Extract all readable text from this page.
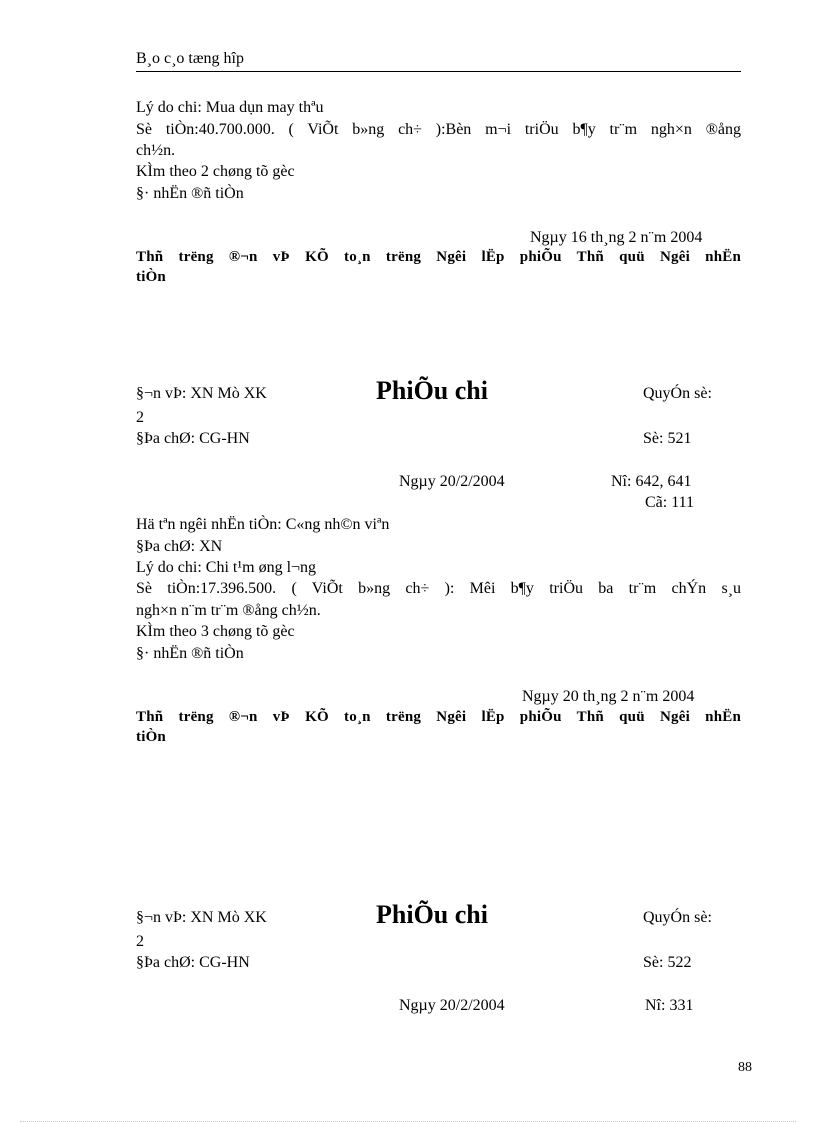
B¸o c¸o tæng hîp
Lý do chi: Mua dụn may thªu
Sè tiÒn:40.700.000. ( ViÕt b»ng ch÷ ):Bèn m¬i triÖu b¶y tr¨m ngh×n ®ång
ch½n.
KÌm theo 2 chøng tõ gèc
§· nhËn ®ñ tiÒn
Ngµy 16 th¸ng 2 n¨m 2004
Thñ trëng ®¬n vÞ KÕ to¸n trëng Ngêi lËp phiÕu Thñ quü Ngêi nhËn
tiÒn
§¬n vÞ: XN Mò XK	PhiÕu chi	QuyÓn sè:
2
§Þa chØ: CG-HN	Sè: 521
Ngµy 20/2/2004	Nî: 642, 641
Cã: 111
Hä tªn ngêi nhËn tiÒn: C«ng nh©n viªn
§Þa chØ: XN
Lý do chi: Chi t¹m øng l¬ng
Sè tiÒn:17.396.500. ( ViÕt b»ng ch÷ ): Mêi b¶y triÖu ba tr¨m chÝn s¸u
ngh×n n¨m tr¨m ®ång ch½n.
KÌm theo 3 chøng tõ gèc
§· nhËn ®ñ tiÒn
Ngµy 20 th¸ng 2 n¨m 2004
Thñ trëng ®¬n vÞ KÕ to¸n trëng Ngêi lËp phiÕu Thñ quü Ngêi nhËn
tiÒn
§¬n vÞ: XN Mò XK	PhiÕu chi	QuyÓn sè:
2
§Þa chØ: CG-HN	Sè: 522
Ngµy 20/2/2004	Nî: 331
88
